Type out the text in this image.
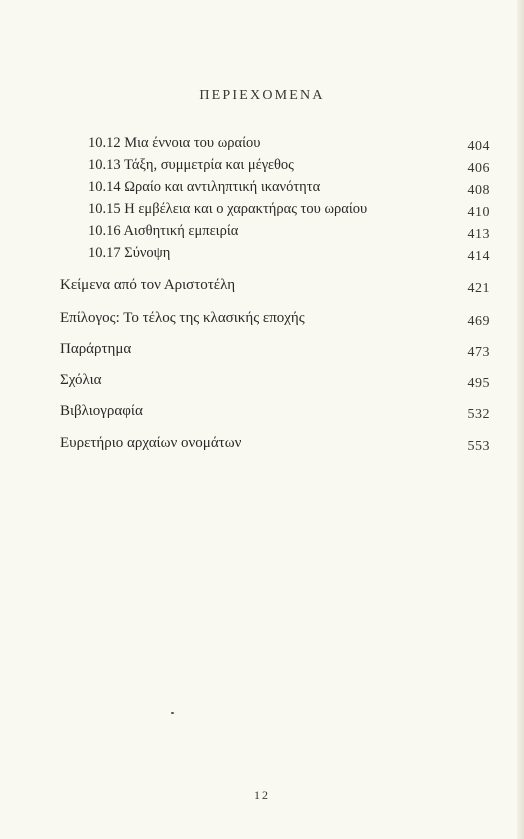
ΠΕΡΙΕΧΟΜΕΝΑ
10.12 Μια έννοια του ωραίου	404
10.13 Τάξη, συμμετρία και μέγεθος	406
10.14 Ωραίο και αντιληπτική ικανότητα	408
10.15 Η εμβέλεια και ο χαρακτήρας του ωραίου	410
10.16 Αισθητική εμπειρία	413
10.17 Σύνοψη	414
Κείμενα από τον Αριστοτέλη	421
Επίλογος: Το τέλος της κλασικής εποχής	469
Παράρτημα	473
Σχόλια	495
Βιβλιογραφία	532
Ευρετήριο αρχαίων ονομάτων	553
12
